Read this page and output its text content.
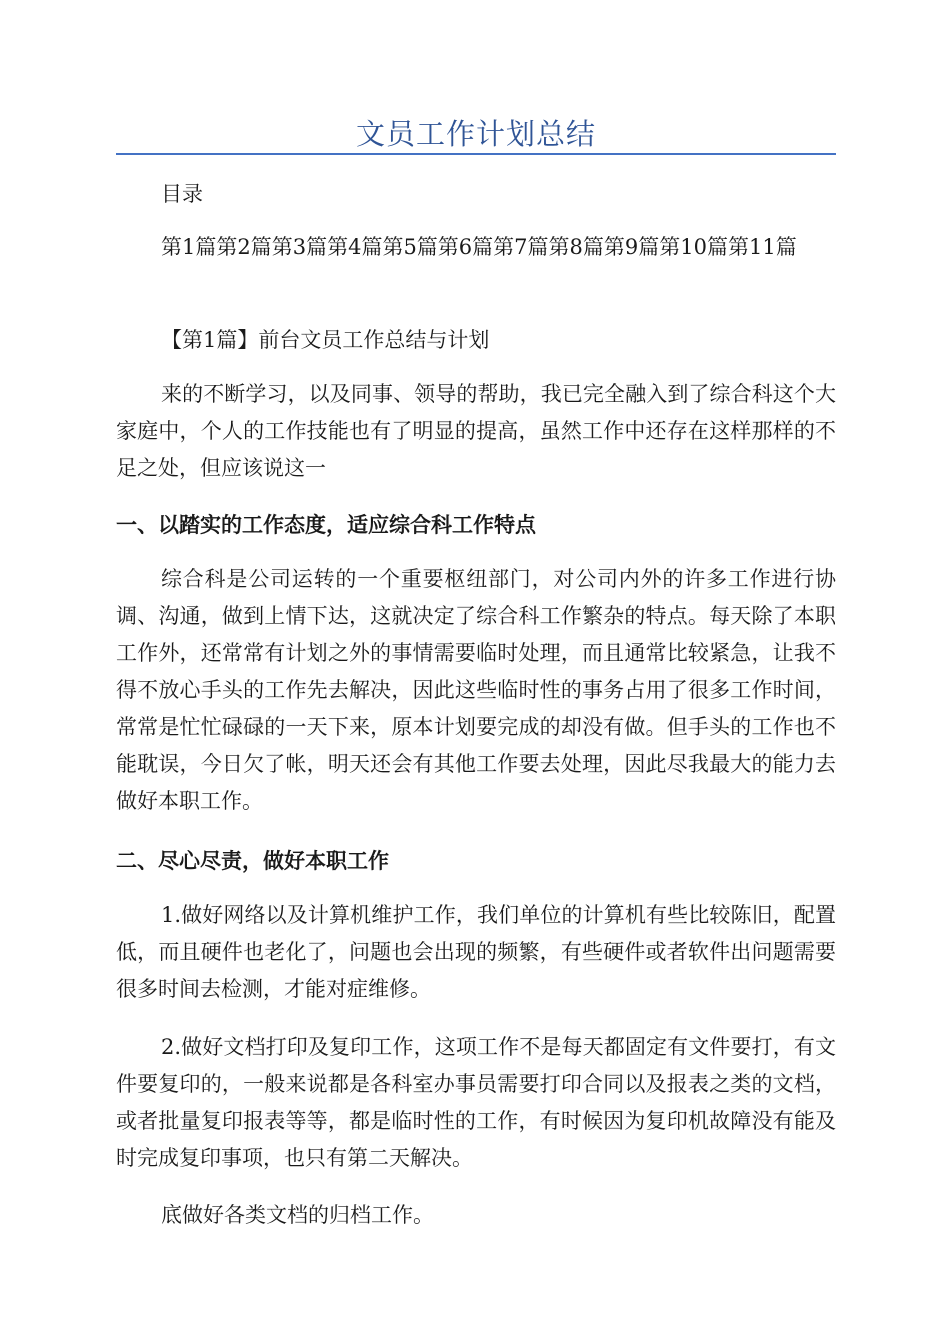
文员工作计划总结

目录

第1篇第2篇第3篇第4篇第5篇第6篇第7篇第8篇第9篇第10篇第11篇

【第1篇】前台文员工作总结与计划

来的不断学习，以及同事、领导的帮助，我已完全融入到了综合科这个大家庭中，个人的工作技能也有了明显的提高，虽然工作中还存在这样那样的不足之处，但应该说这一

一、以踏实的工作态度，适应综合科工作特点

综合科是公司运转的一个重要枢纽部门，对公司内外的许多工作进行协调、沟通，做到上情下达，这就决定了综合科工作繁杂的特点。每天除了本职工作外，还常常有计划之外的事情需要临时处理，而且通常比较紧急，让我不得不放心手头的工作先去解决，因此这些临时性的事务占用了很多工作时间，常常是忙忙碌碌的一天下来，原本计划要完成的却没有做。但手头的工作也不能耽误，今日欠了帐，明天还会有其他工作要去处理，因此尽我最大的能力去做好本职工作。

二、尽心尽责，做好本职工作

1.做好网络以及计算机维护工作，我们单位的计算机有些比较陈旧，配置低，而且硬件也老化了，问题也会出现的频繁，有些硬件或者软件出问题需要很多时间去检测，才能对症维修。

2.做好文档打印及复印工作，这项工作不是每天都固定有文件要打，有文件要复印的，一般来说都是各科室办事员需要打印合同以及报表之类的文档，或者批量复印报表等等，都是临时性的工作，有时候因为复印机故障没有能及时完成复印事项，也只有第二天解决。

底做好各类文档的归档工作。
